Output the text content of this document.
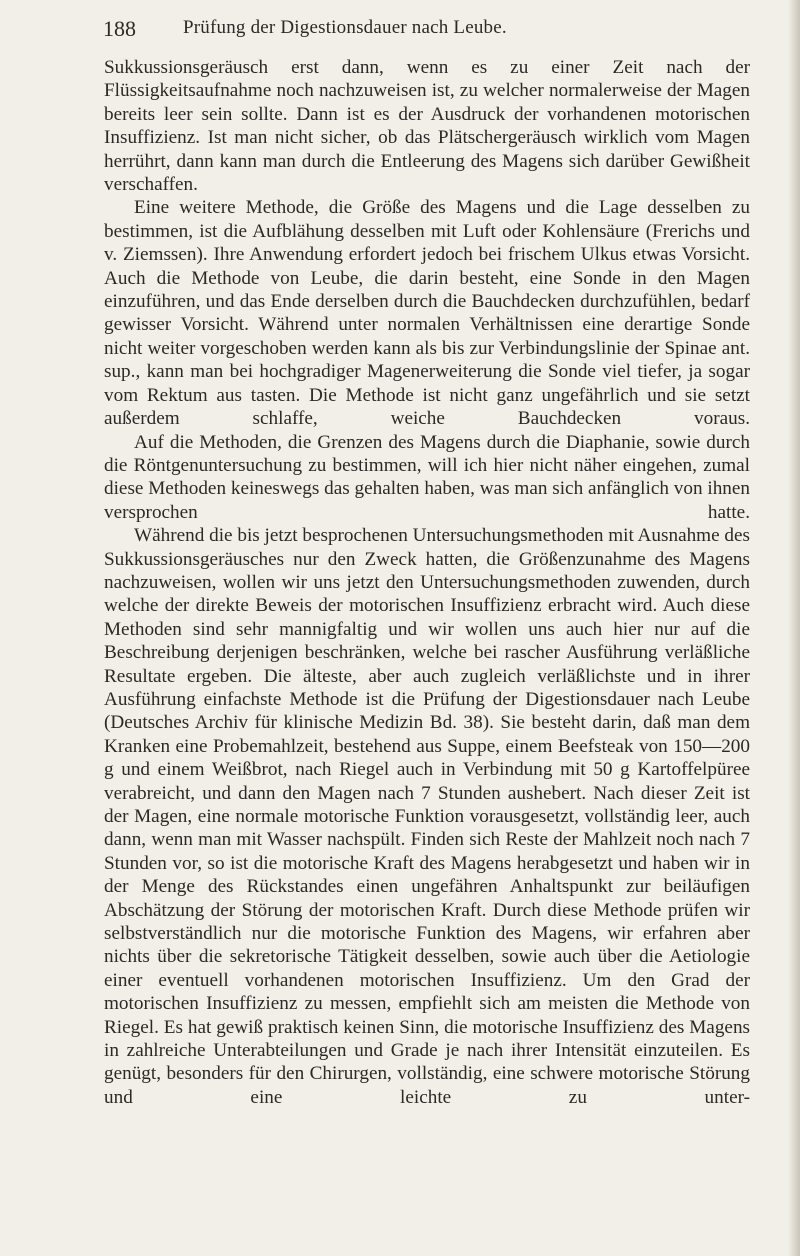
188 Prüfung der Digestionsdauer nach Leube.

Sukkussionsgeräusch erst dann, wenn es zu einer Zeit nach der Flüssigkeitsaufnahme noch nachzuweisen ist, zu welcher normalerweise der Magen bereits leer sein sollte. Dann ist es der Ausdruck der vorhandenen motorischen Insuffizienz. Ist man nicht sicher, ob das Plätschergeräusch wirklich vom Magen herrührt, dann kann man durch die Entleerung des Magens sich darüber Gewißheit verschaffen.

Eine weitere Methode, die Größe des Magens und die Lage desselben zu bestimmen, ist die Aufblähung desselben mit Luft oder Kohlensäure (Frerichs und v. Ziemssen). Ihre Anwendung erfordert jedoch bei frischem Ulkus etwas Vorsicht. Auch die Methode von Leube, die darin besteht, eine Sonde in den Magen einzuführen, und das Ende derselben durch die Bauchdecken durchzufühlen, bedarf gewisser Vorsicht. Während unter normalen Verhältnissen eine derartige Sonde nicht weiter vorgeschoben werden kann als bis zur Verbindungslinie der Spinae ant. sup., kann man bei hochgradiger Magenerweiterung die Sonde viel tiefer, ja sogar vom Rektum aus tasten. Die Methode ist nicht ganz ungefährlich und sie setzt außerdem schlaffe, weiche Bauchdecken voraus.

Auf die Methoden, die Grenzen des Magens durch die Diaphanie, sowie durch die Röntgenuntersuchung zu bestimmen, will ich hier nicht näher eingehen, zumal diese Methoden keineswegs das gehalten haben, was man sich anfänglich von ihnen versprochen hatte.

Während die bis jetzt besprochenen Untersuchungsmethoden mit Ausnahme des Sukkussionsgeräusches nur den Zweck hatten, die Größenzunahme des Magens nachzuweisen, wollen wir uns jetzt den Untersuchungsmethoden zuwenden, durch welche der direkte Beweis der motorischen Insuffizienz erbracht wird. Auch diese Methoden sind sehr mannigfaltig und wir wollen uns auch hier nur auf die Beschreibung derjenigen beschränken, welche bei rascher Ausführung verläßliche Resultate ergeben. Die älteste, aber auch zugleich verläßlichste und in ihrer Ausführung einfachste Methode ist die Prüfung der Digestionsdauer nach Leube (Deutsches Archiv für klinische Medizin Bd. 38). Sie besteht darin, daß man dem Kranken eine Probemahlzeit, bestehend aus Suppe, einem Beefsteak von 150—200 g und einem Weißbrot, nach Riegel auch in Verbindung mit 50 g Kartoffelpüree verabreicht, und dann den Magen nach 7 Stunden aushebert. Nach dieser Zeit ist der Magen, eine normale motorische Funktion vorausgesetzt, vollständig leer, auch dann, wenn man mit Wasser nachspült. Finden sich Reste der Mahlzeit noch nach 7 Stunden vor, so ist die motorische Kraft des Magens herabgesetzt und haben wir in der Menge des Rückstandes einen ungefähren Anhaltspunkt zur beiläufigen Abschätzung der Störung der motorischen Kraft. Durch diese Methode prüfen wir selbstverständlich nur die motorische Funktion des Magens, wir erfahren aber nichts über die sekretorische Tätigkeit desselben, sowie auch über die Aetiologie einer eventuell vorhandenen motorischen Insuffizienz. Um den Grad der motorischen Insuffizienz zu messen, empfiehlt sich am meisten die Methode von Riegel. Es hat gewiß praktisch keinen Sinn, die motorische Insuffizienz des Magens in zahlreiche Unterabteilungen und Grade je nach ihrer Intensität einzuteilen. Es genügt, besonders für den Chirurgen, vollständig, eine schwere motorische Störung und eine leichte zu unter-
